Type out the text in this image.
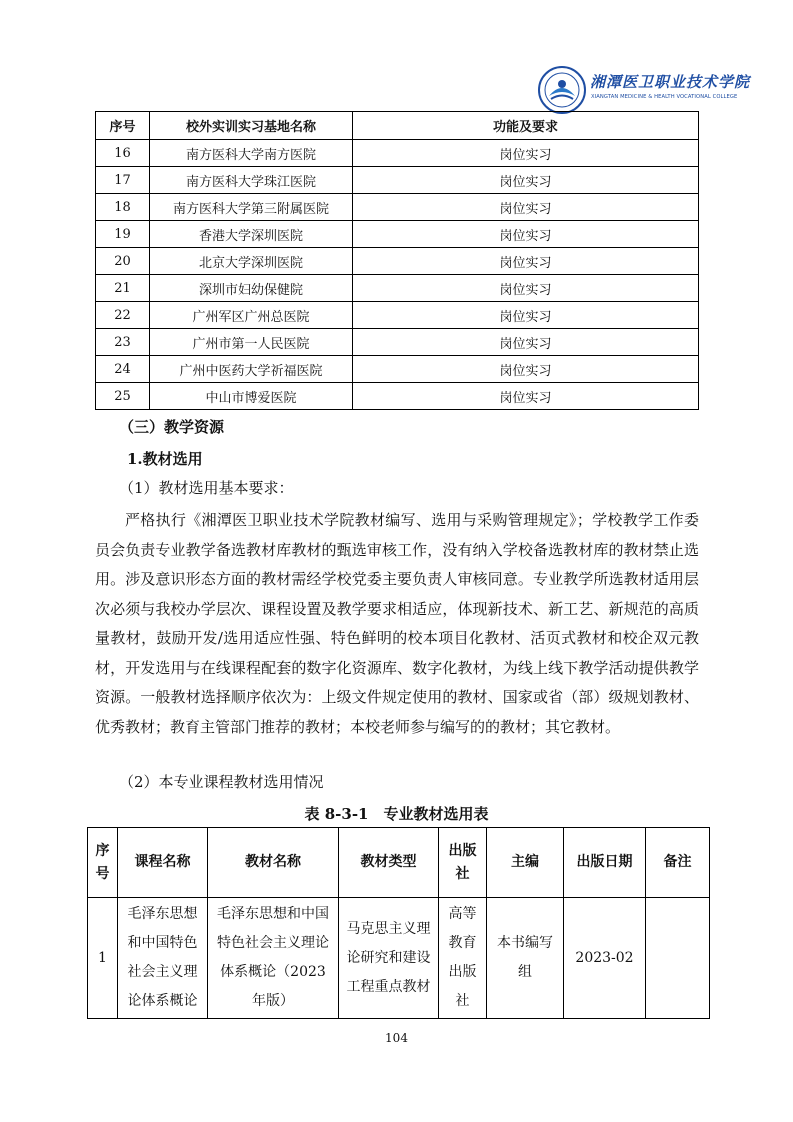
湘潭医卫职业技术学院
XIANGTAN MEDICINE & HEALTH VOCATIONAL COLLEGE
序号	校外实训实习基地名称	功能及要求
16	南方医科大学南方医院	岗位实习
17	南方医科大学珠江医院	岗位实习
18	南方医科大学第三附属医院	岗位实习
19	香港大学深圳医院	岗位实习
20	北京大学深圳医院	岗位实习
21	深圳市妇幼保健院	岗位实习
22	广州军区广州总医院	岗位实习
23	广州市第一人民医院	岗位实习
24	广州中医药大学祈福医院	岗位实习
25	中山市博爱医院	岗位实习
（三）教学资源
1.教材选用
（1）教材选用基本要求：
严格执行《湘潭医卫职业技术学院教材编写、选用与采购管理规定》；学校教学工作委员会负责专业教学备选教材库教材的甄选审核工作，没有纳入学校备选教材库的教材禁止选用。涉及意识形态方面的教材需经学校党委主要负责人审核同意。专业教学所选教材适用层次必须与我校办学层次、课程设置及教学要求相适应，体现新技术、新工艺、新规范的高质量教材，鼓励开发/选用适应性强、特色鲜明的校本项目化教材、活页式教材和校企双元教材，开发选用与在线课程配套的数字化资源库、数字化教材，为线上线下教学活动提供教学资源。一般教材选择顺序依次为：上级文件规定使用的教材、国家或省（部）级规划教材、优秀教材；教育主管部门推荐的教材；本校老师参与编写的的教材；其它教材。
（2）本专业课程教材选用情况
表 8-3-1　专业教材选用表
序号	课程名称	教材名称	教材类型	出版社	主编	出版日期	备注

1	毛泽东思想和中国特色社会主义理论体系概论	毛泽东思想和中国特色社会主义理论体系概论（2023年版）	马克思主义理论研究和建设工程重点教材	高等教育出版社	本书编写组	2023-02	

104
